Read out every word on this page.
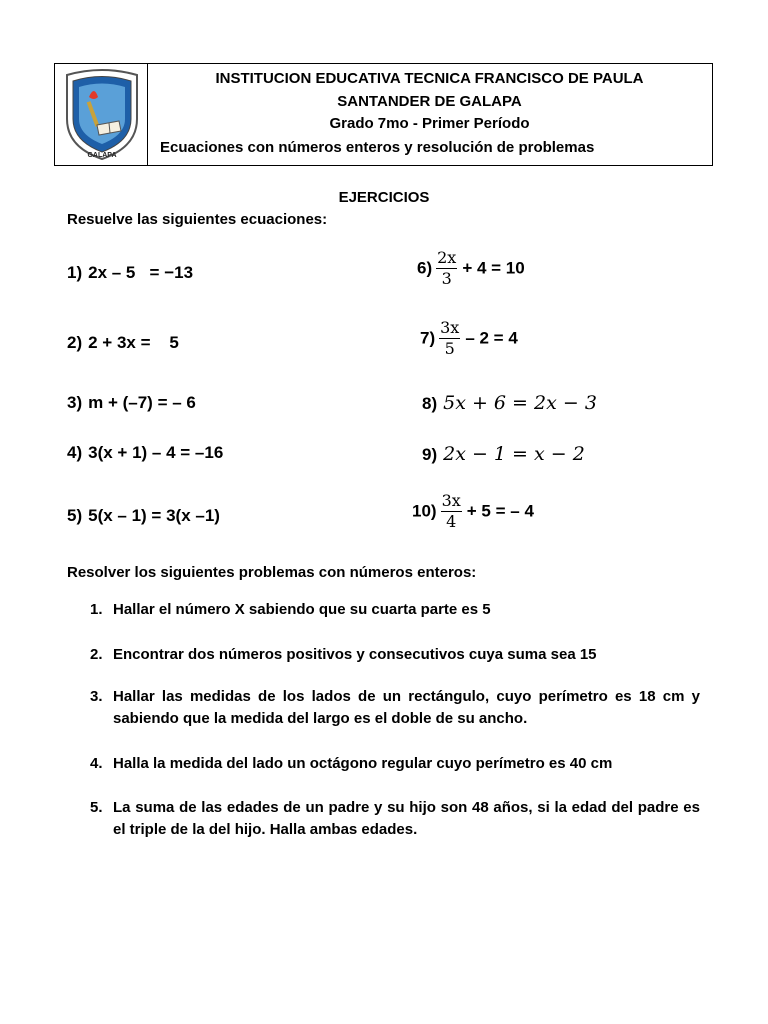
GALAPA
INSTITUCION EDUCATIVA TECNICA FRANCISCO DE PAULA
SANTANDER DE GALAPA
Grado 7mo - Primer Período
Ecuaciones con números enteros y resolución de problemas
EJERCICIOS
Resuelve las siguientes ecuaciones:
1) 2x – 5   = −13
2) 2 + 3x =    5
3) m + (–7) = – 6
4) 3(x + 1) – 4 = –16
5) 5(x – 1) = 3(x –1)
$6) \frac{2x}{3} + 4 = 10$
$7) \frac{3x}{5} - 2 = 4$
8) 5x + 6 = 2x − 3
9) 2x − 1 = x − 2
$10) \frac{3x}{4} + 5$ = – 4
Resolver los siguientes problemas con números enteros:
1. Hallar el número X sabiendo que su cuarta parte es 5
2. Encontrar dos números positivos y consecutivos cuya suma sea 15
3. Hallar las medidas de los lados de un rectángulo, cuyo perímetro es 18 cm y sabiendo que la medida del largo es el doble de su ancho.
4. Halla la medida del lado un octágono regular cuyo perímetro es 40 cm
5. La suma de las edades de un padre y su hijo son 48 años, si la edad del padre es el triple de la del hijo. Halla ambas edades.
